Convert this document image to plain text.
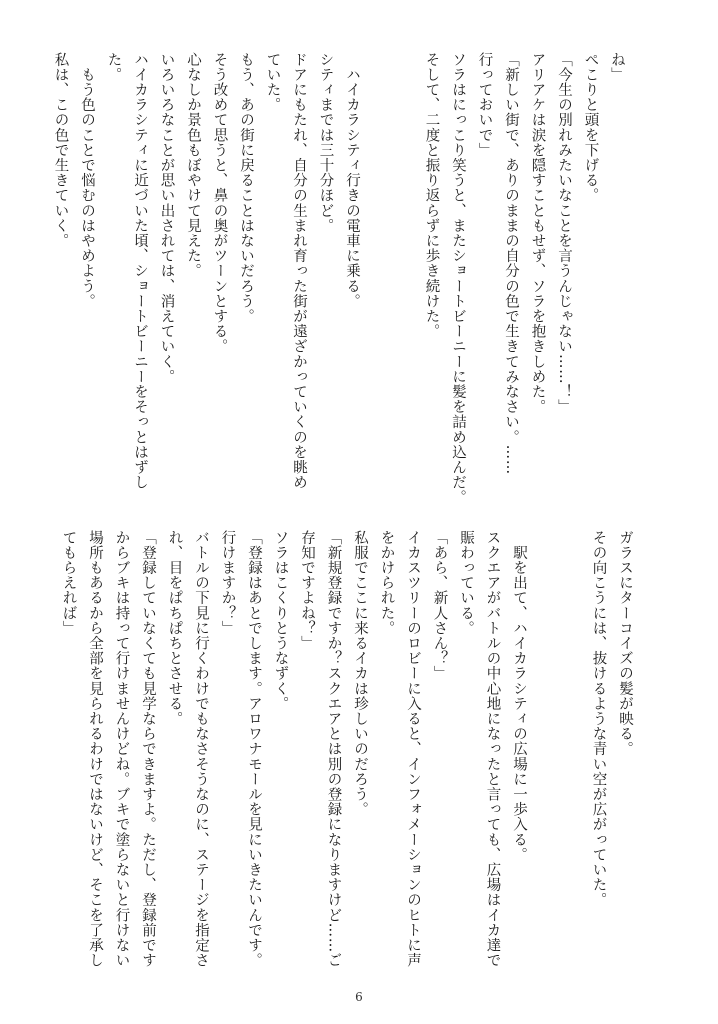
ね」
ぺこりと頭を下げる。
「今生の別れみたいなことを言うんじゃない……！」
アリアケは涙を隠すこともせず、ソラを抱きしめた。
「新しい街で、ありのままの自分の色で生きてみなさい。……
行っておいで」
ソラはにっこり笑うと、またショートビーニーに髪を詰め込んだ。
そして、二度と振り返らずに歩き続けた。

　ハイカラシティ行きの電車に乗る。
シティまでは三十分ほど。
ドアにもたれ、自分の生まれ育った街が遠ざかっていくのを眺め
ていた。
もう、あの街に戻ることはないだろう。
そう改めて思うと、鼻の奥がツーンとする。
心なしか景色もぼやけて見えた。
いろいろなことが思い出されては、消えていく。
ハイカラシティに近づいた頃、ショートビーニーをそっとはずし
た。
　もう色のことで悩むのはやめよう。
私は、この色で生きていく。
ガラスにターコイズの髪が映る。
その向こうには、抜けるような青い空が広がっていた。

　駅を出て、ハイカラシティの広場に一歩入る。
スクエアがバトルの中心地になったと言っても、広場はイカ達で
賑わっている。
「あら、新人さん？」
イカスツリーのロビーに入ると、インフォメーションのヒトに声
をかけられた。
私服でここに来るイカは珍しいのだろう。
「新規登録ですか？スクエアとは別の登録になりますけど……ご
存知ですよね？」
ソラはこくりとうなずく。
「登録はあとでします。アロワナモールを見にいきたいんです。
行けますか？」
バトルの下見に行くわけでもなさそうなのに、ステージを指定さ
れ、目をぱちぱちとさせる。
「登録していなくても見学ならできますよ。ただし、登録前です
からブキは持って行けませんけどね。ブキで塗らないと行けない
場所もあるから全部を見られるわけではないけど、そこを了承し
てもらえれば」
6
